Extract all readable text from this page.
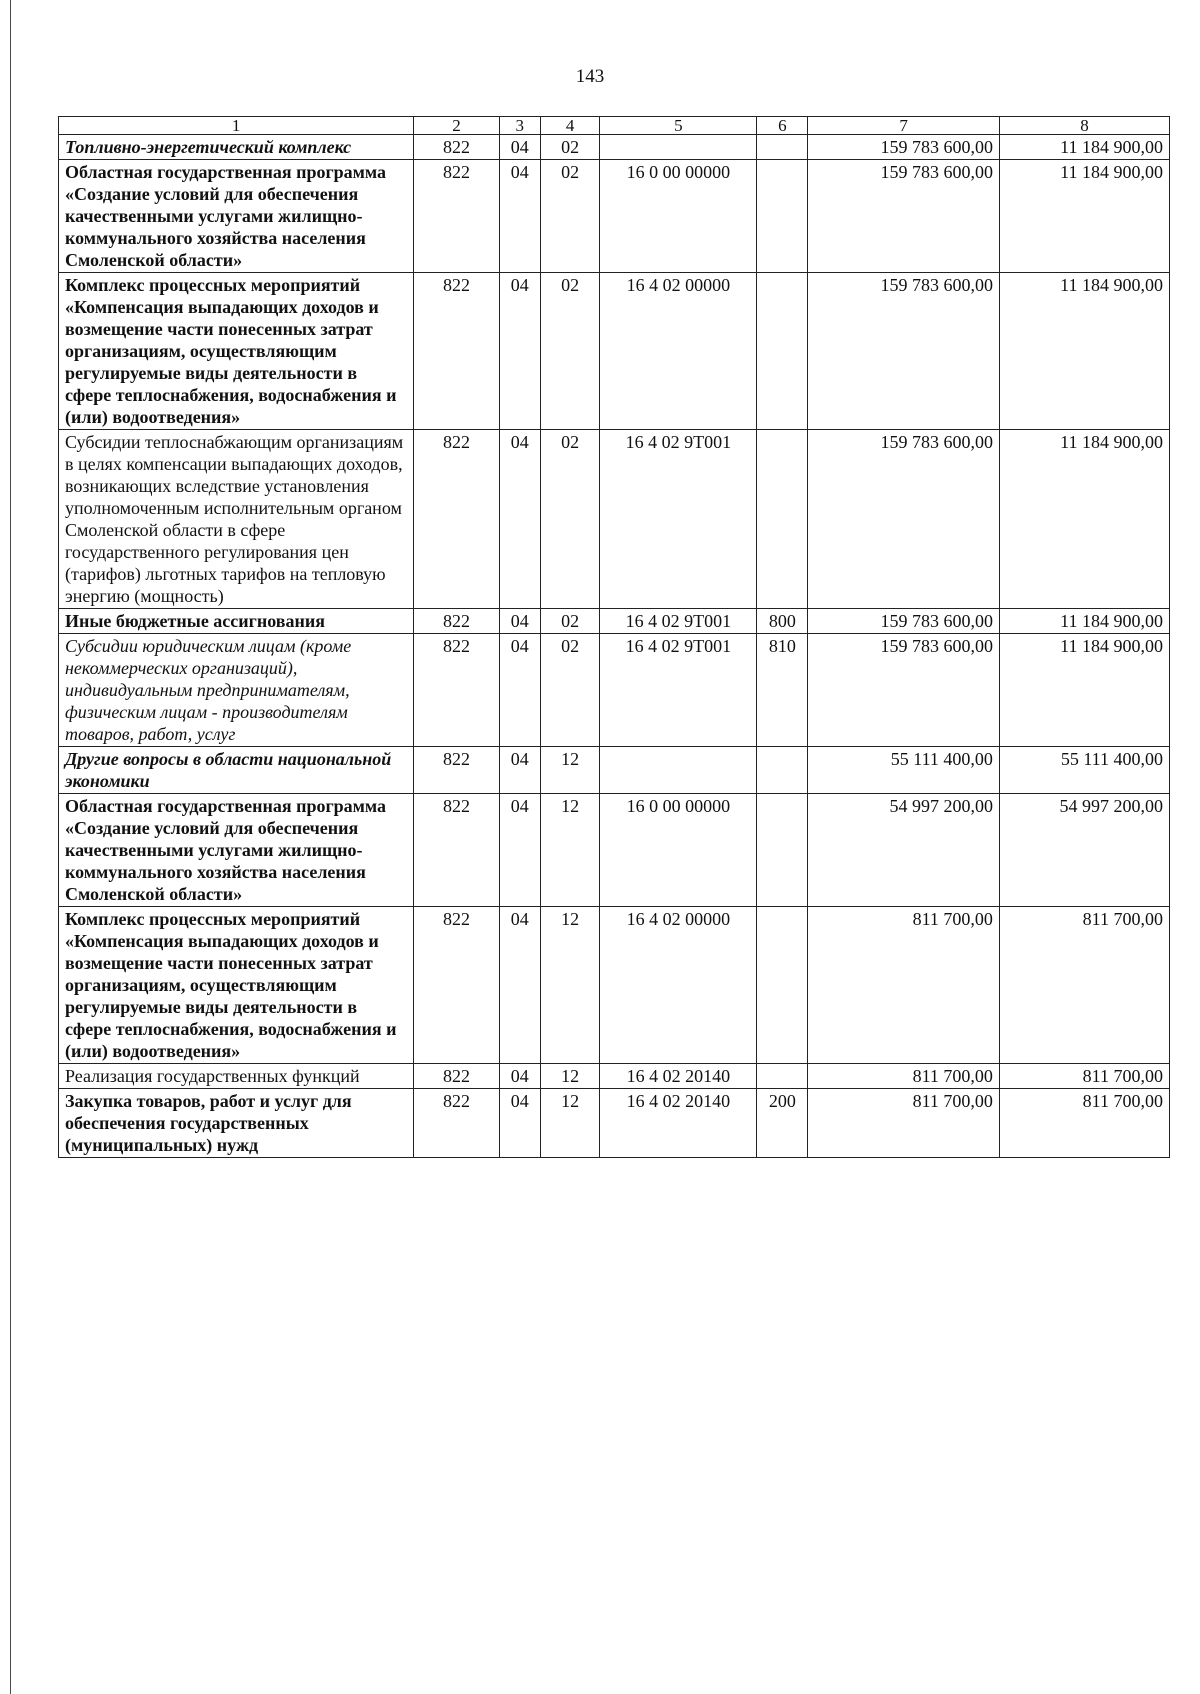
143
1	2	3	4	5	6	7	8
Топливно-энергетический комплекс	822	04	02			159 783 600,00	11 184 900,00
Областная государственная программа «Создание условий для обеспечения качественными услугами жилищно-коммунального хозяйства населения Смоленской области»	822	04	02	16 0 00 00000		159 783 600,00	11 184 900,00
Комплекс процессных мероприятий «Компенсация выпадающих доходов и возмещение части понесенных затрат организациям, осуществляющим регулируемые виды деятельности в сфере теплоснабжения, водоснабжения и (или) водоотведения»	822	04	02	16 4 02 00000		159 783 600,00	11 184 900,00
Субсидии теплоснабжающим организациям в целях компенсации выпадающих доходов, возникающих вследствие установления уполномоченным исполнительным органом Смоленской области в сфере государственного регулирования цен (тарифов) льготных тарифов на тепловую энергию (мощность)	822	04	02	16 4 02 9Т001		159 783 600,00	11 184 900,00
Иные бюджетные ассигнования	822	04	02	16 4 02 9Т001	800	159 783 600,00	11 184 900,00
Субсидии юридическим лицам (кроме некоммерческих организаций), индивидуальным предпринимателям, физическим лицам - производителям товаров, работ, услуг	822	04	02	16 4 02 9Т001	810	159 783 600,00	11 184 900,00
Другие вопросы в области национальной экономики	822	04	12			55 111 400,00	55 111 400,00
Областная государственная программа «Создание условий для обеспечения качественными услугами жилищно-коммунального хозяйства населения Смоленской области»	822	04	12	16 0 00 00000		54 997 200,00	54 997 200,00
Комплекс процессных мероприятий «Компенсация выпадающих доходов и возмещение части понесенных затрат организациям, осуществляющим регулируемые виды деятельности в сфере теплоснабжения, водоснабжения и (или) водоотведения»	822	04	12	16 4 02 00000		811 700,00	811 700,00
Реализация государственных функций	822	04	12	16 4 02 20140		811 700,00	811 700,00
Закупка товаров, работ и услуг для обеспечения государственных (муниципальных) нужд	822	04	12	16 4 02 20140	200	811 700,00	811 700,00
